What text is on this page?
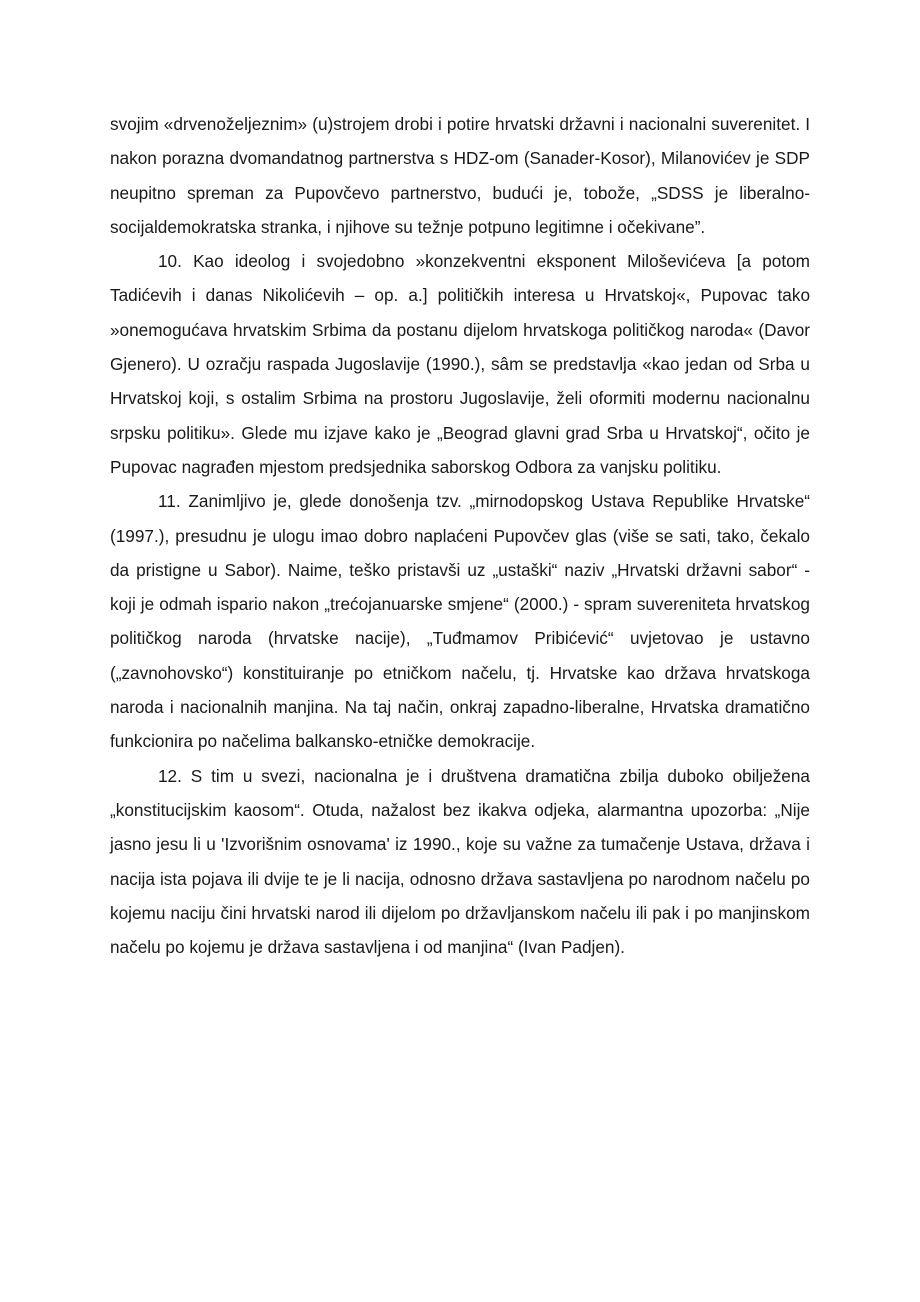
svojim «drvenoželjeznim» (u)strojem drobi i potire hrvatski državni i nacionalni suverenitet. I nakon porazna dvomandatnog partnerstva s HDZ-om (Sanader-Kosor), Milanovićev je SDP neupitno spreman za Pupovčevo partnerstvo, budući je, tobože, „SDSS je liberalno-socijaldemokratska stranka, i njihove su težnje potpuno legitimne i očekivane”.

10. Kao ideolog i svojedobno »konzekventni eksponent Miloševićeva [a potom Tadićevih i danas Nikolićevih – op. a.] političkih interesa u Hrvatskoj«, Pupovac tako »onemogućava hrvatskim Srbima da postanu dijelom hrvatskoga političkog naroda« (Davor Gjenero). U ozračju raspada Jugoslavije (1990.), sâm se predstavlja «kao jedan od Srba u Hrvatskoj koji, s ostalim Srbima na prostoru Jugoslavije, želi oformiti modernu nacionalnu srpsku politiku». Glede mu izjave kako je „Beograd glavni grad Srba u Hrvatskoj“, očito je Pupovac nagrađen mjestom predsjednika saborskog Odbora za vanjsku politiku.

11. Zanimljivo je, glede donošenja tzv. „mirnodopskog Ustava Republike Hrvatske“ (1997.), presudnu je ulogu imao dobro naplaćeni Pupovčev glas (više se sati, tako, čekalo da pristigne u Sabor). Naime, teško pristavši uz „ustaški“ naziv „Hrvatski državni sabor“ - koji je odmah ispario nakon „trećojanuarske smjene“ (2000.) - spram suvereniteta hrvatskog političkog naroda (hrvatske nacije), „Tuđmamov Pribićević“ uvjetovao je ustavno („zavnohovsko“) konstituiranje po etničkom načelu, tj. Hrvatske kao država hrvatskoga naroda i nacionalnih manjina. Na taj način, onkraj zapadno-liberalne, Hrvatska dramatično funkcionira po načelima balkansko-etničke demokracije.

12. S tim u svezi, nacionalna je i društvena dramatična zbilja duboko obilježena „konstitucijskim kaosom“. Otuda, nažalost bez ikakva odjeka, alarmantna upozorba: „Nije jasno jesu li u 'Izvorišnim osnovama' iz 1990., koje su važne za tumačenje Ustava, država i nacija ista pojava ili dvije te je li nacija, odnosno država sastavljena po narodnom načelu po kojemu naciju čini hrvatski narod ili dijelom po državljanskom načelu ili pak i po manjinskom načelu po kojemu je država sastavljena i od manjina“ (Ivan Padjen).
